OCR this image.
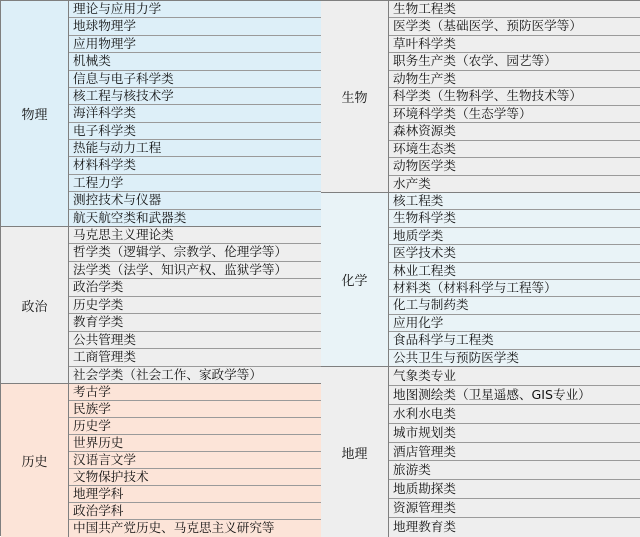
物理
理论与应用力学
地球物理学
应用物理学
机械类
信息与电子科学类
核工程与核技术学
海洋科学类
电子科学类
热能与动力工程
材料科学类
工程力学
测控技术与仪器
航天航空类和武器类
政治
马克思主义理论类
哲学类（逻辑学、宗教学、伦理学等）
法学类（法学、知识产权、监狱学等）
政治学类
历史学类
教育学类
公共管理类
工商管理类
社会学类（社会工作、家政学等）
历史
考古学
民族学
历史学
世界历史
汉语言文学
文物保护技术
地理学科
政治学科
中国共产党历史、马克思主义研究等
生物
生物工程类
医学类（基础医学、预防医学等）
草叶科学类
职务生产类（农学、园艺等）
动物生产类
科学类（生物科学、生物技术等）
环境科学类（生态学等）
森林资源类
环境生态类
动物医学类
水产类
化学
核工程类
生物科学类
地质学类
医学技术类
林业工程类
材料类（材料科学与工程等）
化工与制药类
应用化学
食品科学与工程类
公共卫生与预防医学类
地理
气象类专业
地图测绘类（卫星遥感、GIS专业）
水利水电类
城市规划类
酒店管理类
旅游类
地质勘探类
资源管理类
地理教育类
